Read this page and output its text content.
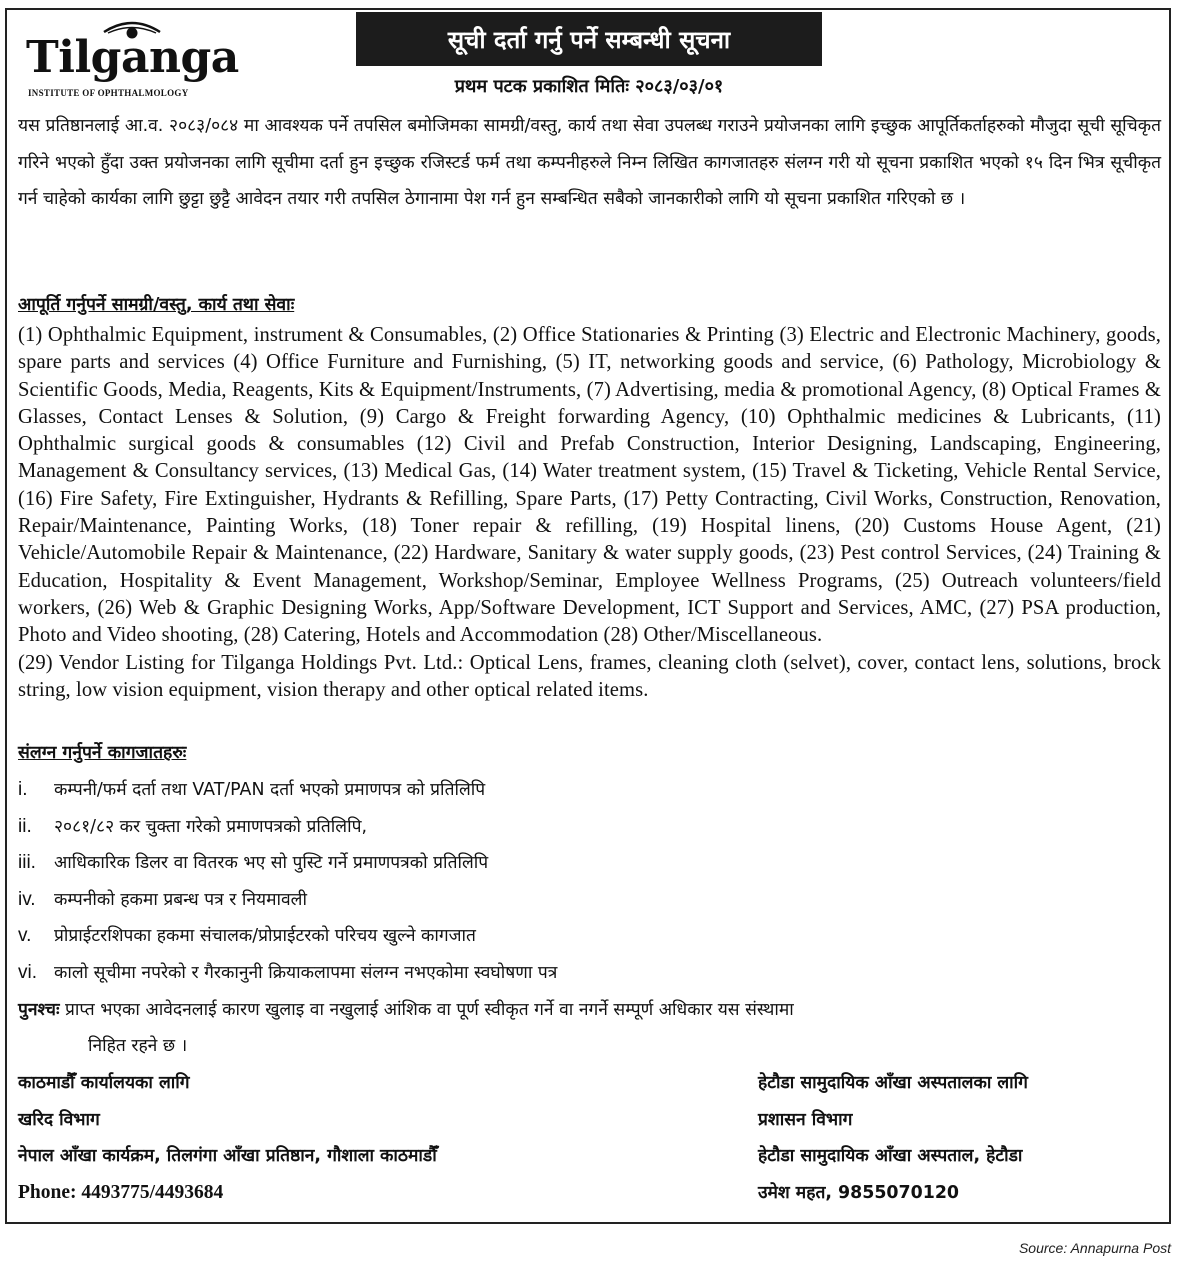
Tilganga
INSTITUTE OF OPHTHALMOLOGY
सूची दर्ता गर्नु पर्ने सम्बन्धी सूचना
प्रथम पटक प्रकाशित मितिः २०८३/०३/०१
यस प्रतिष्ठानलाई आ.व. २०८३/०८४ मा आवश्यक पर्ने तपसिल बमोजिमका सामग्री/वस्तु, कार्य तथा सेवा उपलब्ध गराउने प्रयोजनका लागि इच्छुक आपूर्तिकर्ताहरुको मौजुदा सूची सूचिकृत गरिने भएको हुँदा उक्त प्रयोजनका लागि सूचीमा दर्ता हुन इच्छुक रजिस्टर्ड फर्म तथा कम्पनीहरुले निम्न लिखित कागजातहरु संलग्न गरी यो सूचना प्रकाशित भएको १५ दिन भित्र सूचीकृत गर्न चाहेको कार्यका लागि छुट्टा छुट्टै आवेदन तयार गरी तपसिल ठेगानामा पेश गर्न हुन सम्बन्धित सबैको जानकारीको लागि यो सूचना प्रकाशित गरिएको छ ।
आपूर्ति गर्नुपर्ने सामग्री/वस्तु, कार्य तथा सेवाः

(1) Ophthalmic Equipment, instrument & Consumables, (2) Office Stationaries & Printing (3) Electric and Electronic Machinery, goods, spare parts and services (4) Office Furniture and Furnishing, (5) IT, networking goods and service, (6) Pathology, Microbiology & Scientific Goods, Media, Reagents, Kits & Equipment/Instruments, (7) Advertising, media & promotional Agency, (8) Optical Frames & Glasses, Contact Lenses & Solution, (9) Cargo & Freight forwarding Agency, (10) Ophthalmic medicines & Lubricants, (11) Ophthalmic surgical goods & consumables (12) Civil and Prefab Construction, Interior Designing, Landscaping, Engineering, Management & Consultancy services, (13) Medical Gas, (14) Water treatment system, (15) Travel & Ticketing, Vehicle Rental Service, (16) Fire Safety, Fire Extinguisher, Hydrants & Refilling, Spare Parts, (17) Petty Contracting, Civil Works, Construction, Renovation, Repair/Maintenance, Painting Works, (18) Toner repair & refilling, (19) Hospital linens, (20) Customs House Agent, (21) Vehicle/Automobile Repair & Maintenance, (22) Hardware, Sanitary & water supply goods, (23) Pest control Services, (24) Training & Education, Hospitality & Event Management, Workshop/Seminar, Employee Wellness Programs, (25) Outreach volunteers/field workers, (26) Web & Graphic Designing Works, App/Software Development, ICT Support and Services, AMC, (27) PSA production, Photo and Video shooting, (28) Catering, Hotels and Accommodation (28) Other/Miscellaneous.

(29) Vendor Listing for Tilganga Holdings Pvt. Ltd.: Optical Lens, frames, cleaning cloth (selvet), cover, contact lens, solutions, brock string, low vision equipment, vision therapy and other optical related items.

संलग्न गर्नुपर्ने कागजातहरुः
i.	कम्पनी/फर्म दर्ता तथा VAT/PAN दर्ता भएको प्रमाणपत्र को प्रतिलिपि
ii.	२०८१/८२ कर चुक्ता गरेको प्रमाणपत्रको प्रतिलिपि,
iii.	आधिकारिक डिलर वा वितरक भए सो पुस्टि गर्ने प्रमाणपत्रको प्रतिलिपि
iv.	कम्पनीको हकमा प्रबन्ध पत्र र नियमावली
v.	प्रोप्राईटरशिपका हकमा संचालक/प्रोप्राईटरको परिचय खुल्ने कागजात
vi. कालो सूचीमा नपरेको र गैरकानुनी क्रियाकलापमा संलग्न नभएकोमा स्वघोषणा पत्र
पुनश्चः प्राप्त भएका आवेदनलाई कारण खुलाइ वा नखुलाई आंशिक वा पूर्ण स्वीकृत गर्ने वा नगर्ने सम्पूर्ण अधिकार यस संस्थामा
निहित रहने छ ।
काठमाडौँ कार्यालयका लागि
खरिद विभाग
नेपाल आँखा कार्यक्रम, तिलगंगा आँखा प्रतिष्ठान, गौशाला काठमाडौँ
Phone: 4493775/4493684
हेटौडा सामुदायिक आँखा अस्पतालका लागि
प्रशासन विभाग
हेटौडा सामुदायिक आँखा अस्पताल, हेटौडा
उमेश महत, 9855070120
Source: Annapurna Post
